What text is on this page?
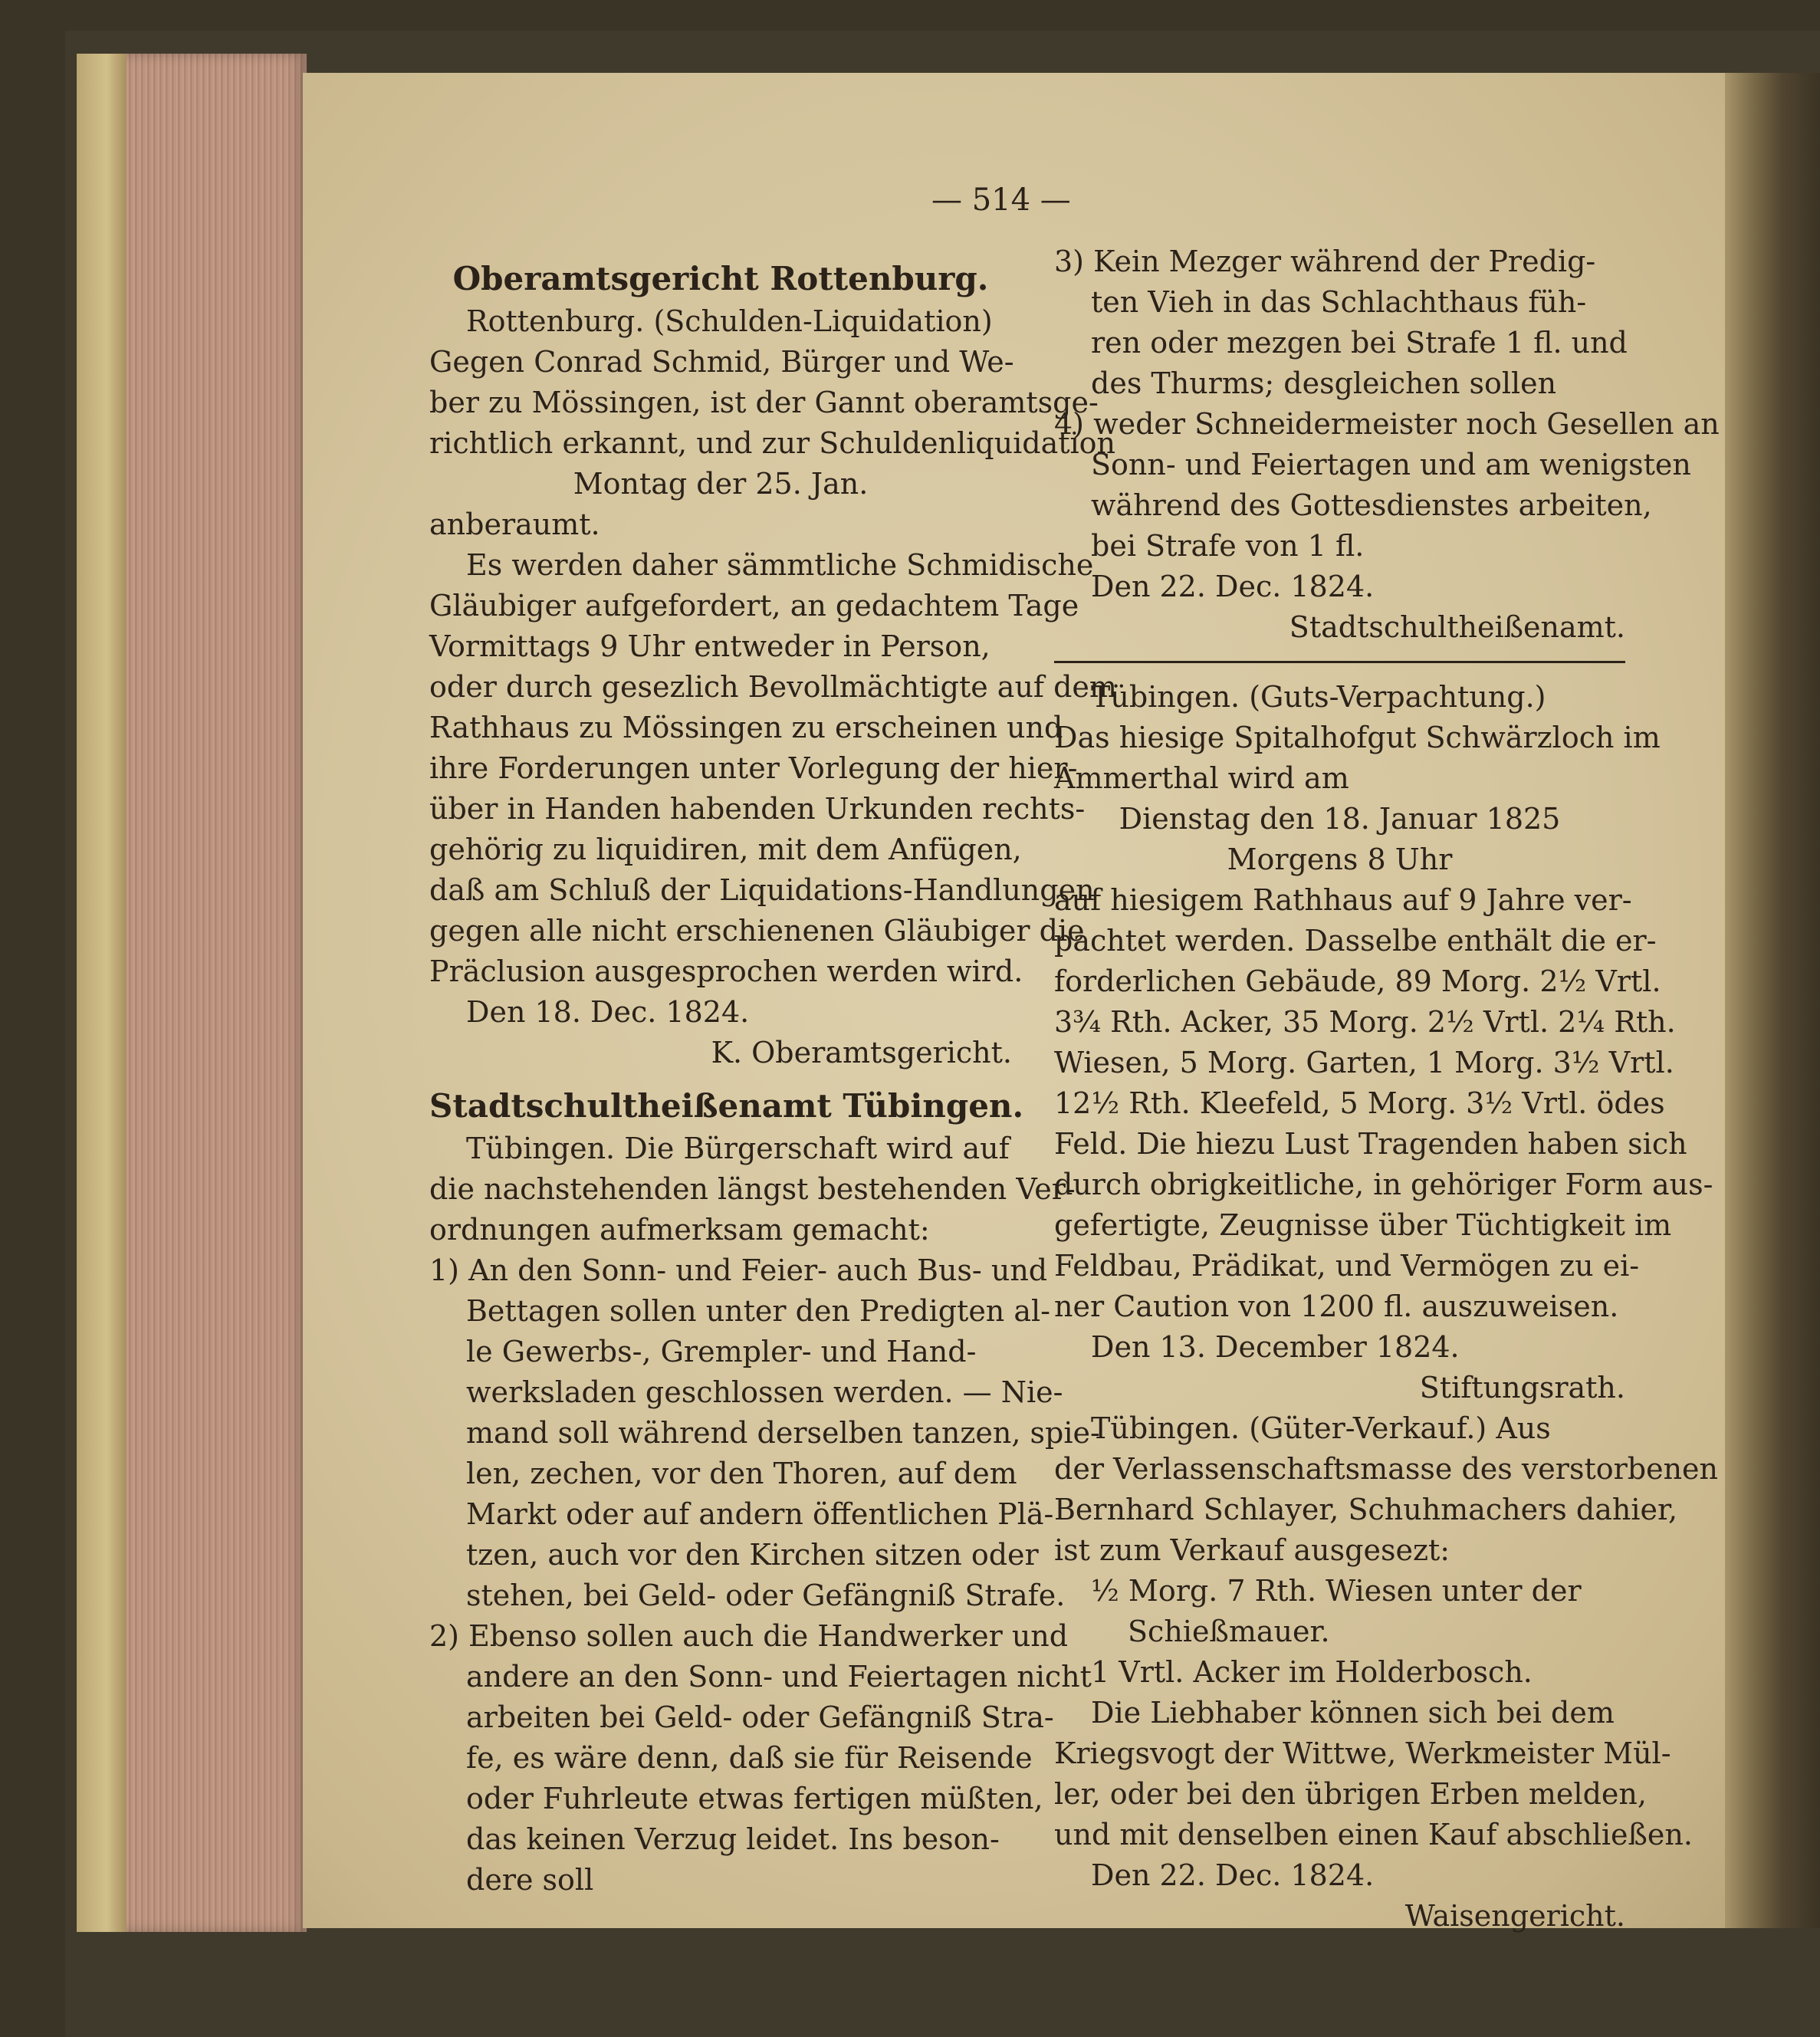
— 514 —

Oberamtsgericht Rottenburg.

Rottenburg. (Schulden-Liquidation)

Gegen Conrad Schmid, Bürger und We-

ber zu Mössingen, ist der Gannt oberamtsge-

richtlich erkannt, und zur Schuldenliquidation

Montag der 25. Jan.

anberaumt.

Es werden daher sämmtliche Schmidische

Gläubiger aufgefordert, an gedachtem Tage

Vormittags 9 Uhr entweder in Person,

oder durch gesezlich Bevollmächtigte auf dem

Rathhaus zu Mössingen zu erscheinen und

ihre Forderungen unter Vorlegung der hier-

über in Handen habenden Urkunden rechts-

gehörig zu liquidiren, mit dem Anfügen,

daß am Schluß der Liquidations-Handlungen

gegen alle nicht erschienenen Gläubiger die

Präclusion ausgesprochen werden wird.

Den 18. Dec. 1824.

K. Oberamtsgericht.

Stadtschultheißenamt Tübingen.

Tübingen. Die Bürgerschaft wird auf

die nachstehenden längst bestehenden Ver-

ordnungen aufmerksam gemacht:

1) An den Sonn- und Feier- auch Bus- und

Bettagen sollen unter den Predigten al-

le Gewerbs-, Grempler- und Hand-

werksladen geschlossen werden. — Nie-

mand soll während derselben tanzen, spie-

len, zechen, vor den Thoren, auf dem

Markt oder auf andern öffentlichen Plä-

tzen, auch vor den Kirchen sitzen oder

stehen, bei Geld- oder Gefängniß Strafe.

2) Ebenso sollen auch die Handwerker und

andere an den Sonn- und Feiertagen nicht

arbeiten bei Geld- oder Gefängniß Stra-

fe, es wäre denn, daß sie für Reisende

oder Fuhrleute etwas fertigen müßten,

das keinen Verzug leidet. Ins beson-

dere soll

3) Kein Mezger während der Predig-

ten Vieh in das Schlachthaus füh-

ren oder mezgen bei Strafe 1 fl. und

des Thurms; desgleichen sollen

4) weder Schneidermeister noch Gesellen an

Sonn- und Feiertagen und am wenigsten

während des Gottesdienstes arbeiten,

bei Strafe von 1 fl.

Den 22. Dec. 1824.

Stadtschultheißenamt.

Tübingen. (Guts-Verpachtung.)

Das hiesige Spitalhofgut Schwärzloch im

Ammerthal wird am

Dienstag den 18. Januar 1825

Morgens 8 Uhr

auf hiesigem Rathhaus auf 9 Jahre ver-

pachtet werden. Dasselbe enthält die er-

forderlichen Gebäude, 89 Morg. 2½ Vrtl.

3¾ Rth. Acker, 35 Morg. 2½ Vrtl. 2¼ Rth.

Wiesen, 5 Morg. Garten, 1 Morg. 3½ Vrtl.

12½ Rth. Kleefeld, 5 Morg. 3½ Vrtl. ödes

Feld. Die hiezu Lust Tragenden haben sich

durch obrigkeitliche, in gehöriger Form aus-

gefertigte, Zeugnisse über Tüchtigkeit im

Feldbau, Prädikat, und Vermögen zu ei-

ner Caution von 1200 fl. auszuweisen.

Den 13. December 1824.

Stiftungsrath.

Tübingen. (Güter-Verkauf.) Aus

der Verlassenschaftsmasse des verstorbenen

Bernhard Schlayer, Schuhmachers dahier,

ist zum Verkauf ausgesezt:

½ Morg. 7 Rth. Wiesen unter der

Schießmauer.

1 Vrtl. Acker im Holderbosch.

Die Liebhaber können sich bei dem

Kriegsvogt der Wittwe, Werkmeister Mül-

ler, oder bei den übrigen Erben melden,

und mit denselben einen Kauf abschließen.

Den 22. Dec. 1824.

Waisengericht.
